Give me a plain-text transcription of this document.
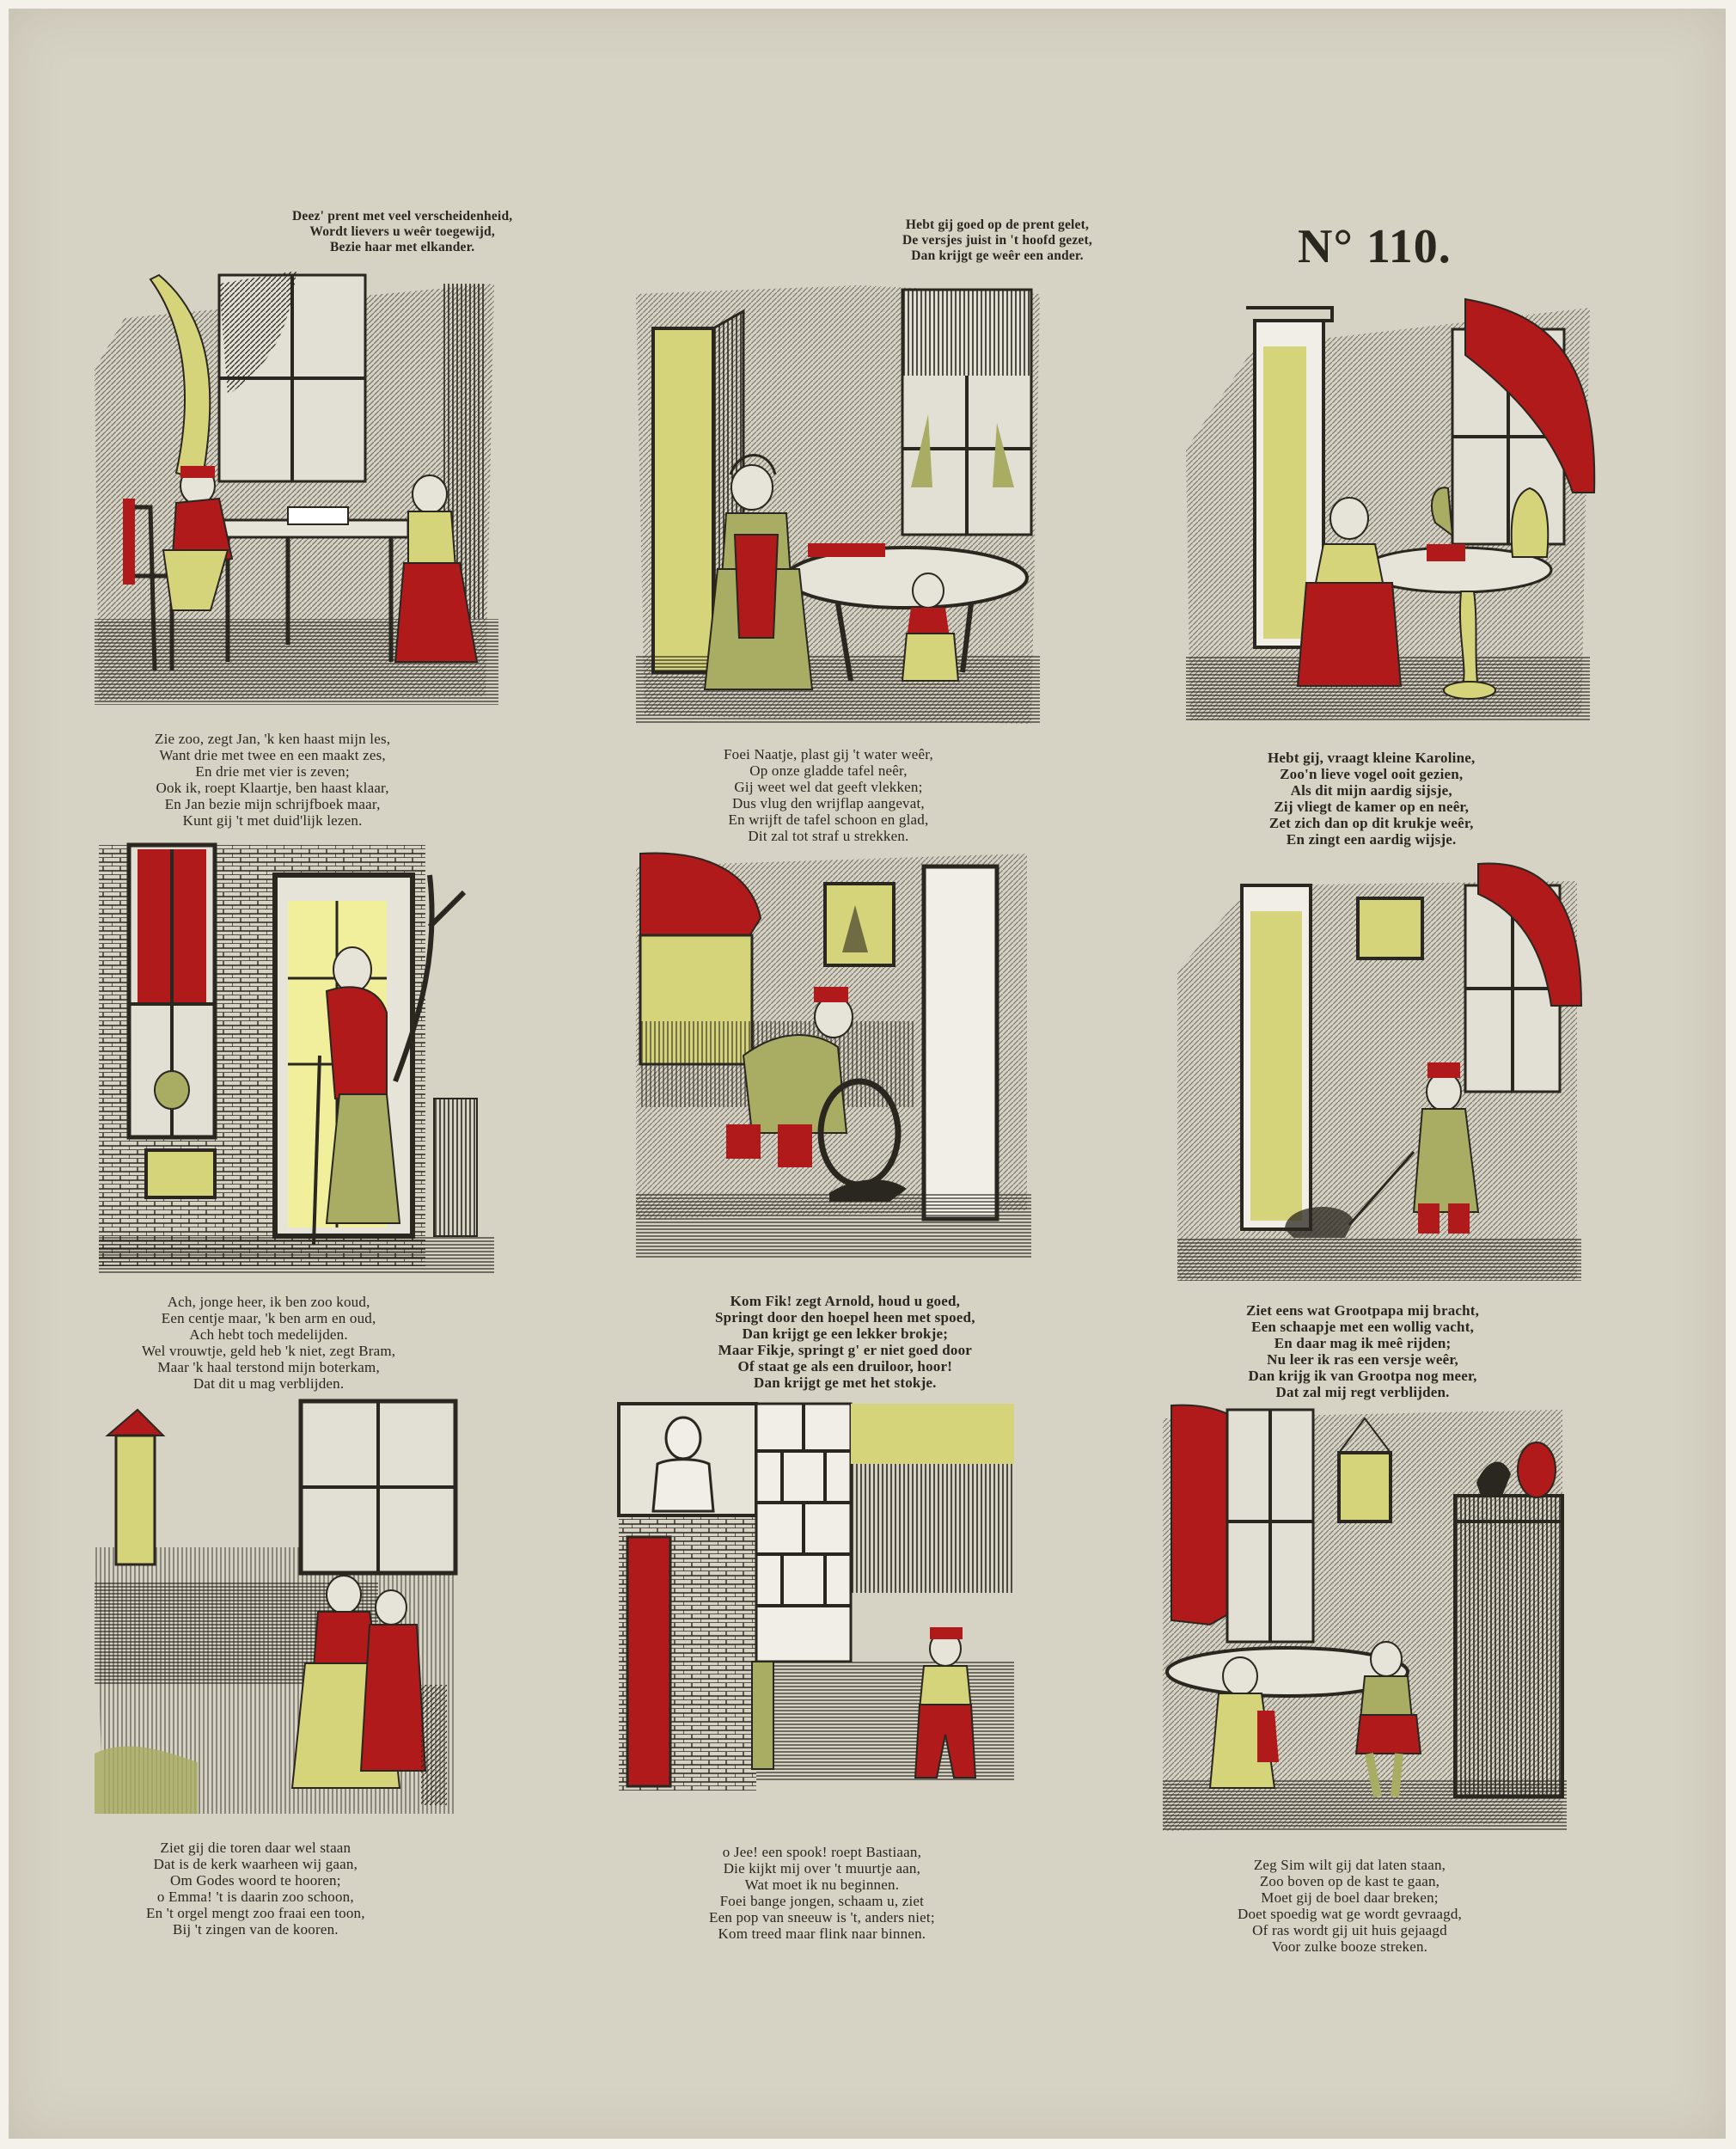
Deez' prent met veel verscheidenheid,
Wordt lievers u weêr toegewijd,
Bezie haar met elkander.

Hebt gij goed op de prent gelet,
De versjes juist in 't hoofd gezet,
Dan krijgt ge weêr een ander.	N° 110.

Zie zoo, zegt Jan, 'k ken haast mijn les,
Want drie met twee en een maakt zes,
En drie met vier is zeven;
Ook ik, roept Klaartje, ben haast klaar,
En Jan bezie mijn schrijfboek maar,
Kunt gij 't met duid'lijk lezen.

Foei Naatje, plast gij 't water weêr,
Op onze gladde tafel neêr,
Gij weet wel dat geeft vlekken;
Dus vlug den wrijflap aangevat,
En wrijft de tafel schoon en glad,
Dit zal tot straf u strekken.

Hebt gij, vraagt kleine Karoline,
Zoo'n lieve vogel ooit gezien,
Als dit mijn aardig sijsje,
Zij vliegt de kamer op en neêr,
Zet zich dan op dit krukje weêr,
En zingt een aardig wijsje.

Ach, jonge heer, ik ben zoo koud,
Een centje maar, 'k ben arm en oud,
Ach hebt toch medelijden.
Wel vrouwtje, geld heb 'k niet, zegt Bram,
Maar 'k haal terstond mijn boterkam,
Dat dit u mag verblijden.

Kom Fik! zegt Arnold, houd u goed,
Springt door den hoepel heen met spoed,
Dan krijgt ge een lekker brokje;
Maar Fikje, springt g' er niet goed door
Of staat ge als een druiloor, hoor!
Dan krijgt ge met het stokje.

Ziet eens wat Grootpapa mij bracht,
Een schaapje met een wollig vacht,
En daar mag ik meê rijden;
Nu leer ik ras een versje weêr,
Dan krijg ik van Grootpa nog meer,
Dat zal mij regt verblijden.

Ziet gij die toren daar wel staan
Dat is de kerk waarheen wij gaan,
Om Godes woord te hooren;
o Emma! 't is daarin zoo schoon,
En 't orgel mengt zoo fraai een toon,
Bij 't zingen van de kooren.

o Jee! een spook! roept Bastiaan,
Die kijkt mij over 't muurtje aan,
Wat moet ik nu beginnen.
Foei bange jongen, schaam u, ziet
Een pop van sneeuw is 't, anders niet;
Kom treed maar flink naar binnen.

Zeg Sim wilt gij dat laten staan,
Zoo boven op de kast te gaan,
Moet gij de boel daar breken;
Doet spoedig wat ge wordt gevraagd,
Of ras wordt gij uit huis gejaagd
Voor zulke booze streken.
